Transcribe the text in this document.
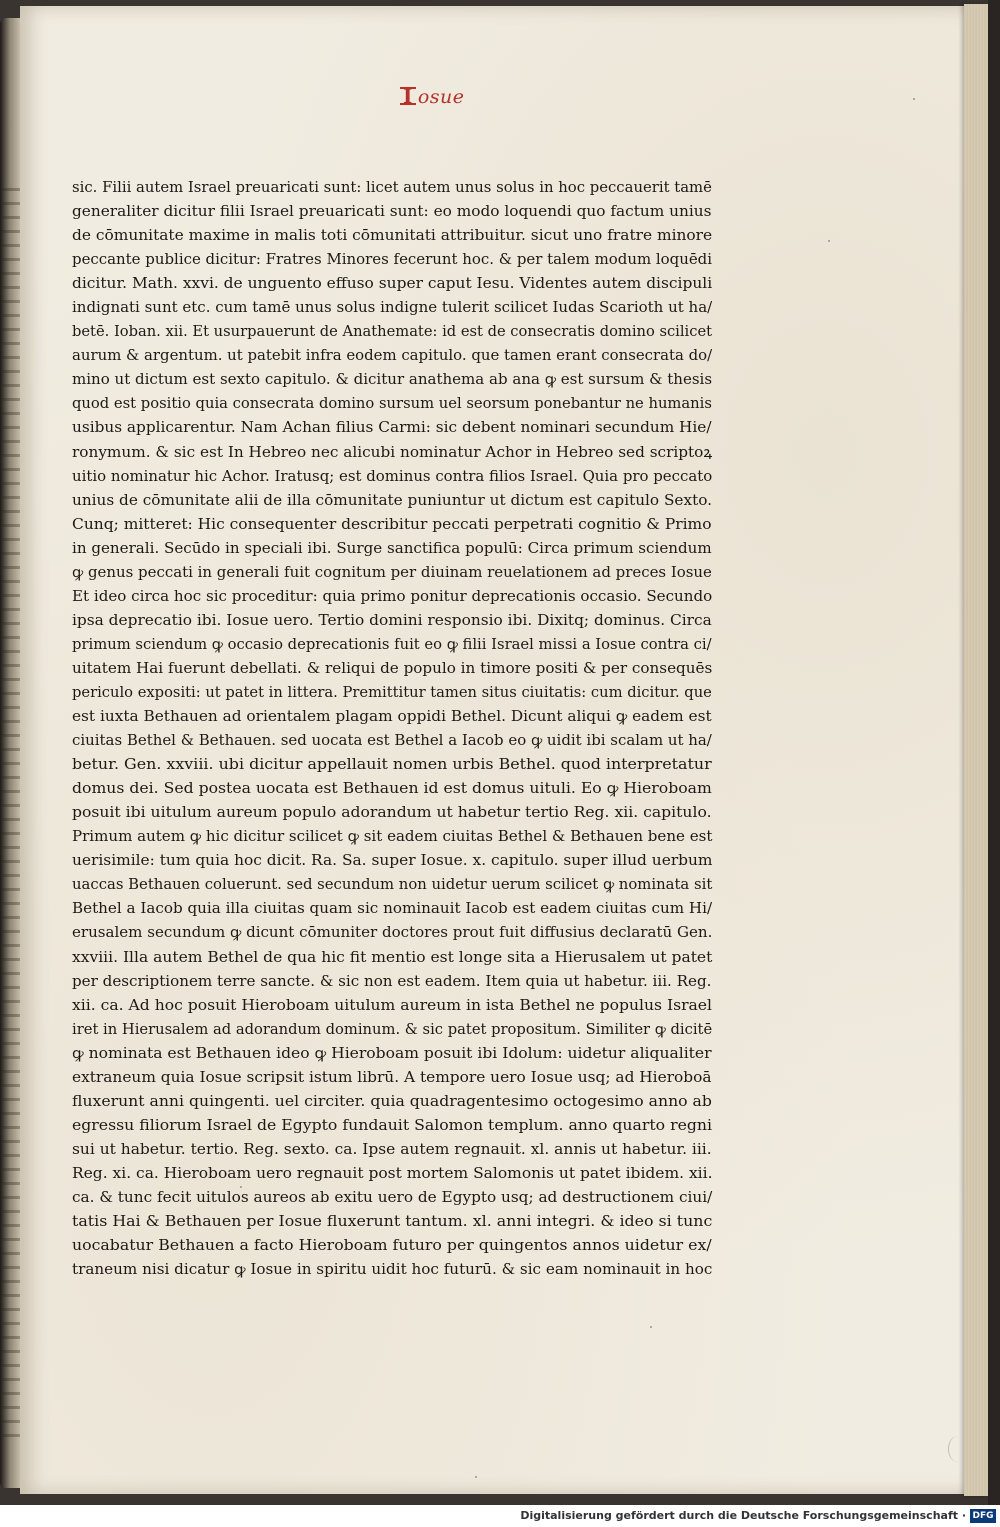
I osue
sic. Filii autem Israel preuaricati sunt: licet autem unus solus in hoc peccauerit tamē
generaliter dicitur filii Israel preuaricati sunt: eo modo loquendi quo factum unius
de cōmunitate maxime in malis toti cōmunitati attribuitur. sicut uno fratre minore
peccante publice dicitur: Fratres Minores fecerunt hoc. & per talem modum loquēdi
dicitur. Math. xxvi. de unguento effuso super caput Iesu. Videntes autem discipuli
indignati sunt etc. cum tamē unus solus indigne tulerit scilicet Iudas Scarioth ut ha/
betē. Ioban. xii. Et usurpauerunt de Anathemate: id est de consecratis domino scilicet
aurum & argentum. ut patebit infra eodem capitulo. que tamen erant consecrata do/
mino ut dictum est sexto capitulo. & dicitur anathema ab ana ꝙ est sursum & thesis
quod est positio quia consecrata domino sursum uel seorsum ponebantur ne humanis
usibus applicarentur. Nam Achan filius Carmi: sic debent nominari secundum Hie/
ronymum. & sic est In Hebreo nec alicubi nominatur Achor in Hebreo sed scriptoꝝ
uitio nominatur hic Achor. Iratusq; est dominus contra filios Israel. Quia pro peccato
unius de cōmunitate alii de illa cōmunitate puniuntur ut dictum est capitulo Sexto.
Cunq; mitteret: Hic consequenter describitur peccati perpetrati cognitio & Primo
in generali. Secūdo in speciali ibi. Surge sanctifica populū: Circa primum sciendum
ꝙ genus peccati in generali fuit cognitum per diuinam reuelationem ad preces Iosue
Et ideo circa hoc sic proceditur: quia primo ponitur deprecationis occasio. Secundo
ipsa deprecatio ibi. Iosue uero. Tertio domini responsio ibi. Dixitq; dominus. Circa
primum sciendum ꝙ occasio deprecationis fuit eo ꝙ filii Israel missi a Iosue contra ci/
uitatem Hai fuerunt debellati. & reliqui de populo in timore positi & per consequēs
periculo expositi: ut patet in littera. Premittitur tamen situs ciuitatis: cum dicitur. que
est iuxta Bethauen ad orientalem plagam oppidi Bethel. Dicunt aliqui ꝙ eadem est
ciuitas Bethel & Bethauen. sed uocata est Bethel a Iacob eo ꝙ uidit ibi scalam ut ha/
betur. Gen. xxviii. ubi dicitur appellauit nomen urbis Bethel. quod interpretatur
domus dei. Sed postea uocata est Bethauen id est domus uituli. Eo ꝙ Hieroboam
posuit ibi uitulum aureum populo adorandum ut habetur tertio Reg. xii. capitulo.
Primum autem ꝙ hic dicitur scilicet ꝙ sit eadem ciuitas Bethel & Bethauen bene est
uerisimile: tum quia hoc dicit. Ra. Sa. super Iosue. x. capitulo. super illud uerbum
uaccas Bethauen coluerunt. sed secundum non uidetur uerum scilicet ꝙ nominata sit
Bethel a Iacob quia illa ciuitas quam sic nominauit Iacob est eadem ciuitas cum Hi/
erusalem secundum ꝙ dicunt cōmuniter doctores prout fuit diffusius declaratū Gen.
xxviii. Illa autem Bethel de qua hic fit mentio est longe sita a Hierusalem ut patet
per descriptionem terre sancte. & sic non est eadem. Item quia ut habetur. iii. Reg.
xii. ca. Ad hoc posuit Hieroboam uitulum aureum in ista Bethel ne populus Israel
iret in Hierusalem ad adorandum dominum. & sic patet propositum. Similiter ꝙ dicitē
ꝙ nominata est Bethauen ideo ꝙ Hieroboam posuit ibi Idolum: uidetur aliqualiter
extraneum quia Iosue scripsit istum librū. A tempore uero Iosue usq; ad Hieroboā
fluxerunt anni quingenti. uel circiter. quia quadragentesimo octogesimo anno ab
egressu filiorum Israel de Egypto fundauit Salomon templum. anno quarto regni
sui ut habetur. tertio. Reg. sexto. ca. Ipse autem regnauit. xl. annis ut habetur. iii.
Reg. xi. ca. Hieroboam uero regnauit post mortem Salomonis ut patet ibidem. xii.
ca. & tunc fecit uitulos aureos ab exitu uero de Egypto usq; ad destructionem ciui/
tatis Hai & Bethauen per Iosue fluxerunt tantum. xl. anni integri. & ideo si tunc
uocabatur Bethauen a facto Hieroboam futuro per quingentos annos uidetur ex/
traneum nisi dicatur ꝙ Iosue in spiritu uidit hoc futurū. & sic eam nominauit in hoc
Digitalisierung gefördert durch die Deutsche Forschungsgemeinschaft · DFG
